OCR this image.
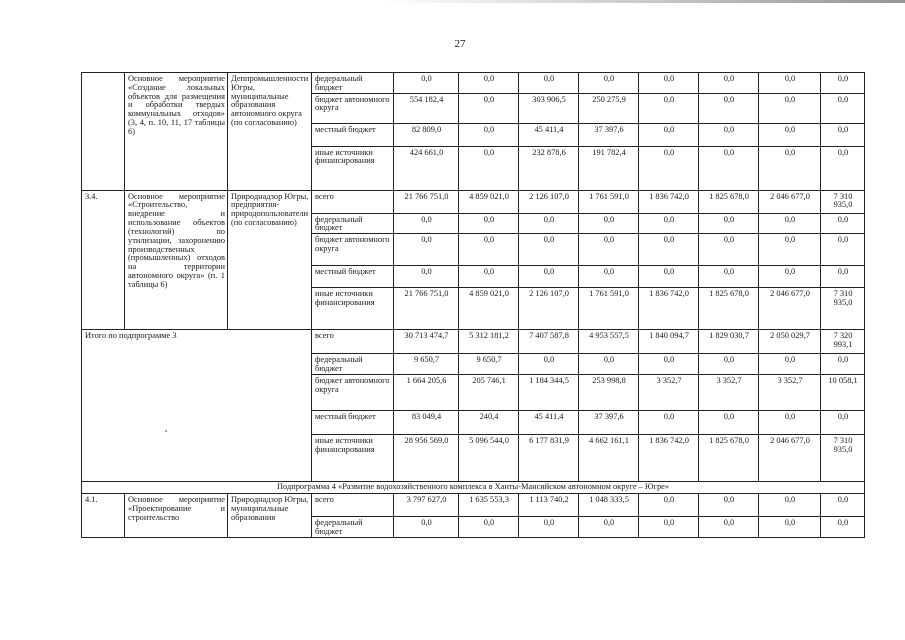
27
	Основное мероприятие «Создание локальных объектов для размещения и обработки твердых коммунальных отходов» (3, 4, п. 10, 11, 17 таблицы 6)	Деппромышленности Югры, муниципальные образования автономного округа (по согласованию)	федеральный бюджет	0,0	0,0	0,0	0,0	0,0	0,0	0,0	0,0
			бюджет автономного округа	554 182,4	0,0	303 906,5	250 275,9	0,0	0,0	0,0	0,0
			местный бюджет	82 809,0	0,0	45 411,4	37 397,6	0,0	0,0	0,0	0,0
			иные источники финансирования	424 661,0	0,0	232 878,6	191 782,4	0,0	0,0	0,0	0,0
3.4.	Основное мероприятие «Строительство, внедрение и использование объектов (технологий) по утилизации, захоронению производственных (промышленных) отходов на территории автономного округа» (п. 1 таблицы 6)	Природнадзор Югры, предприятия-природопользователи (по согласованию)	всего	21 766 751,0	4 859 021,0	2 126 107,0	1 761 591,0	1 836 742,0	1 825 678,0	2 046 677,0	7 310 935,0
			федеральный бюджет	0,0	0,0	0,0	0,0	0,0	0,0	0,0	0,0
			бюджет автономного округа	0,0	0,0	0,0	0,0	0,0	0,0	0,0	0,0
			местный бюджет	0,0	0,0	0,0	0,0	0,0	0,0	0,0	0,0
			иные источники финансирования	21 766 751,0	4 859 021,0	2 126 107,0	1 761 591,0	1 836 742,0	1 825 678,0	2 046 677,0	7 310 935,0
Итого по подпрограмме 3			всего	30 713 474,7	5 312 181,2	7 407 587,8	4 953 557,5	1 840 094,7	1 829 030,7	2 050 029,7	7 320 993,1
			федеральный бюджет	9 650,7	9 650,7	0,0	0,0	0,0	0,0	0,0	0,0
			бюджет автономного округа	1 664 205,6	205 746,1	1 184 344,5	253 998,8	3 352,7	3 352,7	3 352,7	10 058,1
			местный бюджет	83 049,4	240,4	45 411,4	37 397,6	0,0	0,0	0,0	0,0
			иные источники финансирования	28 956 569,0	5 096 544,0	6 177 831,9	4 662 161,1	1 836 742,0	1 825 678,0	2 046 677,0	7 310 935,0
Подпрограмма 4 «Развитие водохозяйственного комплекса в Ханты-Мансийском автономном округе – Югре»											
4.1.	Основное мероприятие «Проектирование и строительство	Природнадзор Югры, муниципальные образования	всего	3 797 627,0	1 635 553,3	1 113 740,2	1 048 333,5	0,0	0,0	0,0	0,0
			федеральный бюджет	0,0	0,0	0,0	0,0	0,0	0,0	0,0	0,0
